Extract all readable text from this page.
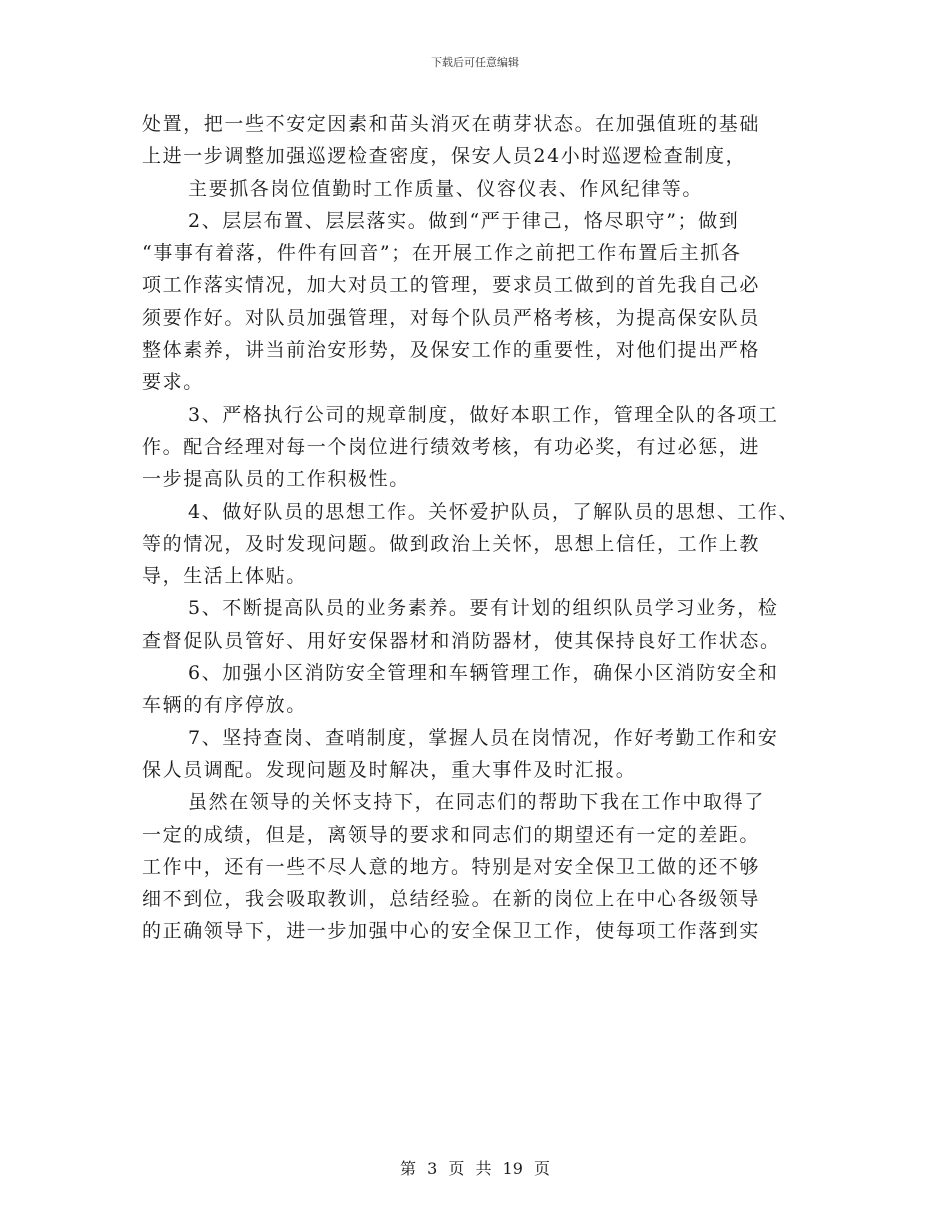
下载后可任意编辑
处置，把一些不安定因素和苗头消灭在萌芽状态。在加强值班的基础
上进一步调整加强巡逻检查密度，保安人员24小时巡逻检查制度，
主要抓各岗位值勤时工作质量、仪容仪表、作风纪律等。
2、层层布置、层层落实。做到“严于律己，恪尽职守”；做到
“事事有着落，件件有回音”；在开展工作之前把工作布置后主抓各
项工作落实情况，加大对员工的管理，要求员工做到的首先我自己必
须要作好。对队员加强管理，对每个队员严格考核，为提高保安队员
整体素养，讲当前治安形势，及保安工作的重要性，对他们提出严格
要求。
3、严格执行公司的规章制度，做好本职工作，管理全队的各项工
作。配合经理对每一个岗位进行绩效考核，有功必奖，有过必惩，进
一步提高队员的工作积极性。
4、做好队员的思想工作。关怀爱护队员，了解队员的思想、工作、
等的情况，及时发现问题。做到政治上关怀，思想上信任，工作上教
导，生活上体贴。
5、不断提高队员的业务素养。要有计划的组织队员学习业务，检
查督促队员管好、用好安保器材和消防器材，使其保持良好工作状态。
6、加强小区消防安全管理和车辆管理工作，确保小区消防安全和
车辆的有序停放。
7、坚持查岗、查哨制度，掌握人员在岗情况，作好考勤工作和安
保人员调配。发现问题及时解决，重大事件及时汇报。
虽然在领导的关怀支持下，在同志们的帮助下我在工作中取得了
一定的成绩，但是，离领导的要求和同志们的期望还有一定的差距。
工作中，还有一些不尽人意的地方。特别是对安全保卫工做的还不够
细不到位，我会吸取教训，总结经验。在新的岗位上在中心各级领导
的正确领导下，进一步加强中心的安全保卫工作，使每项工作落到实
第 3 页 共 19 页
